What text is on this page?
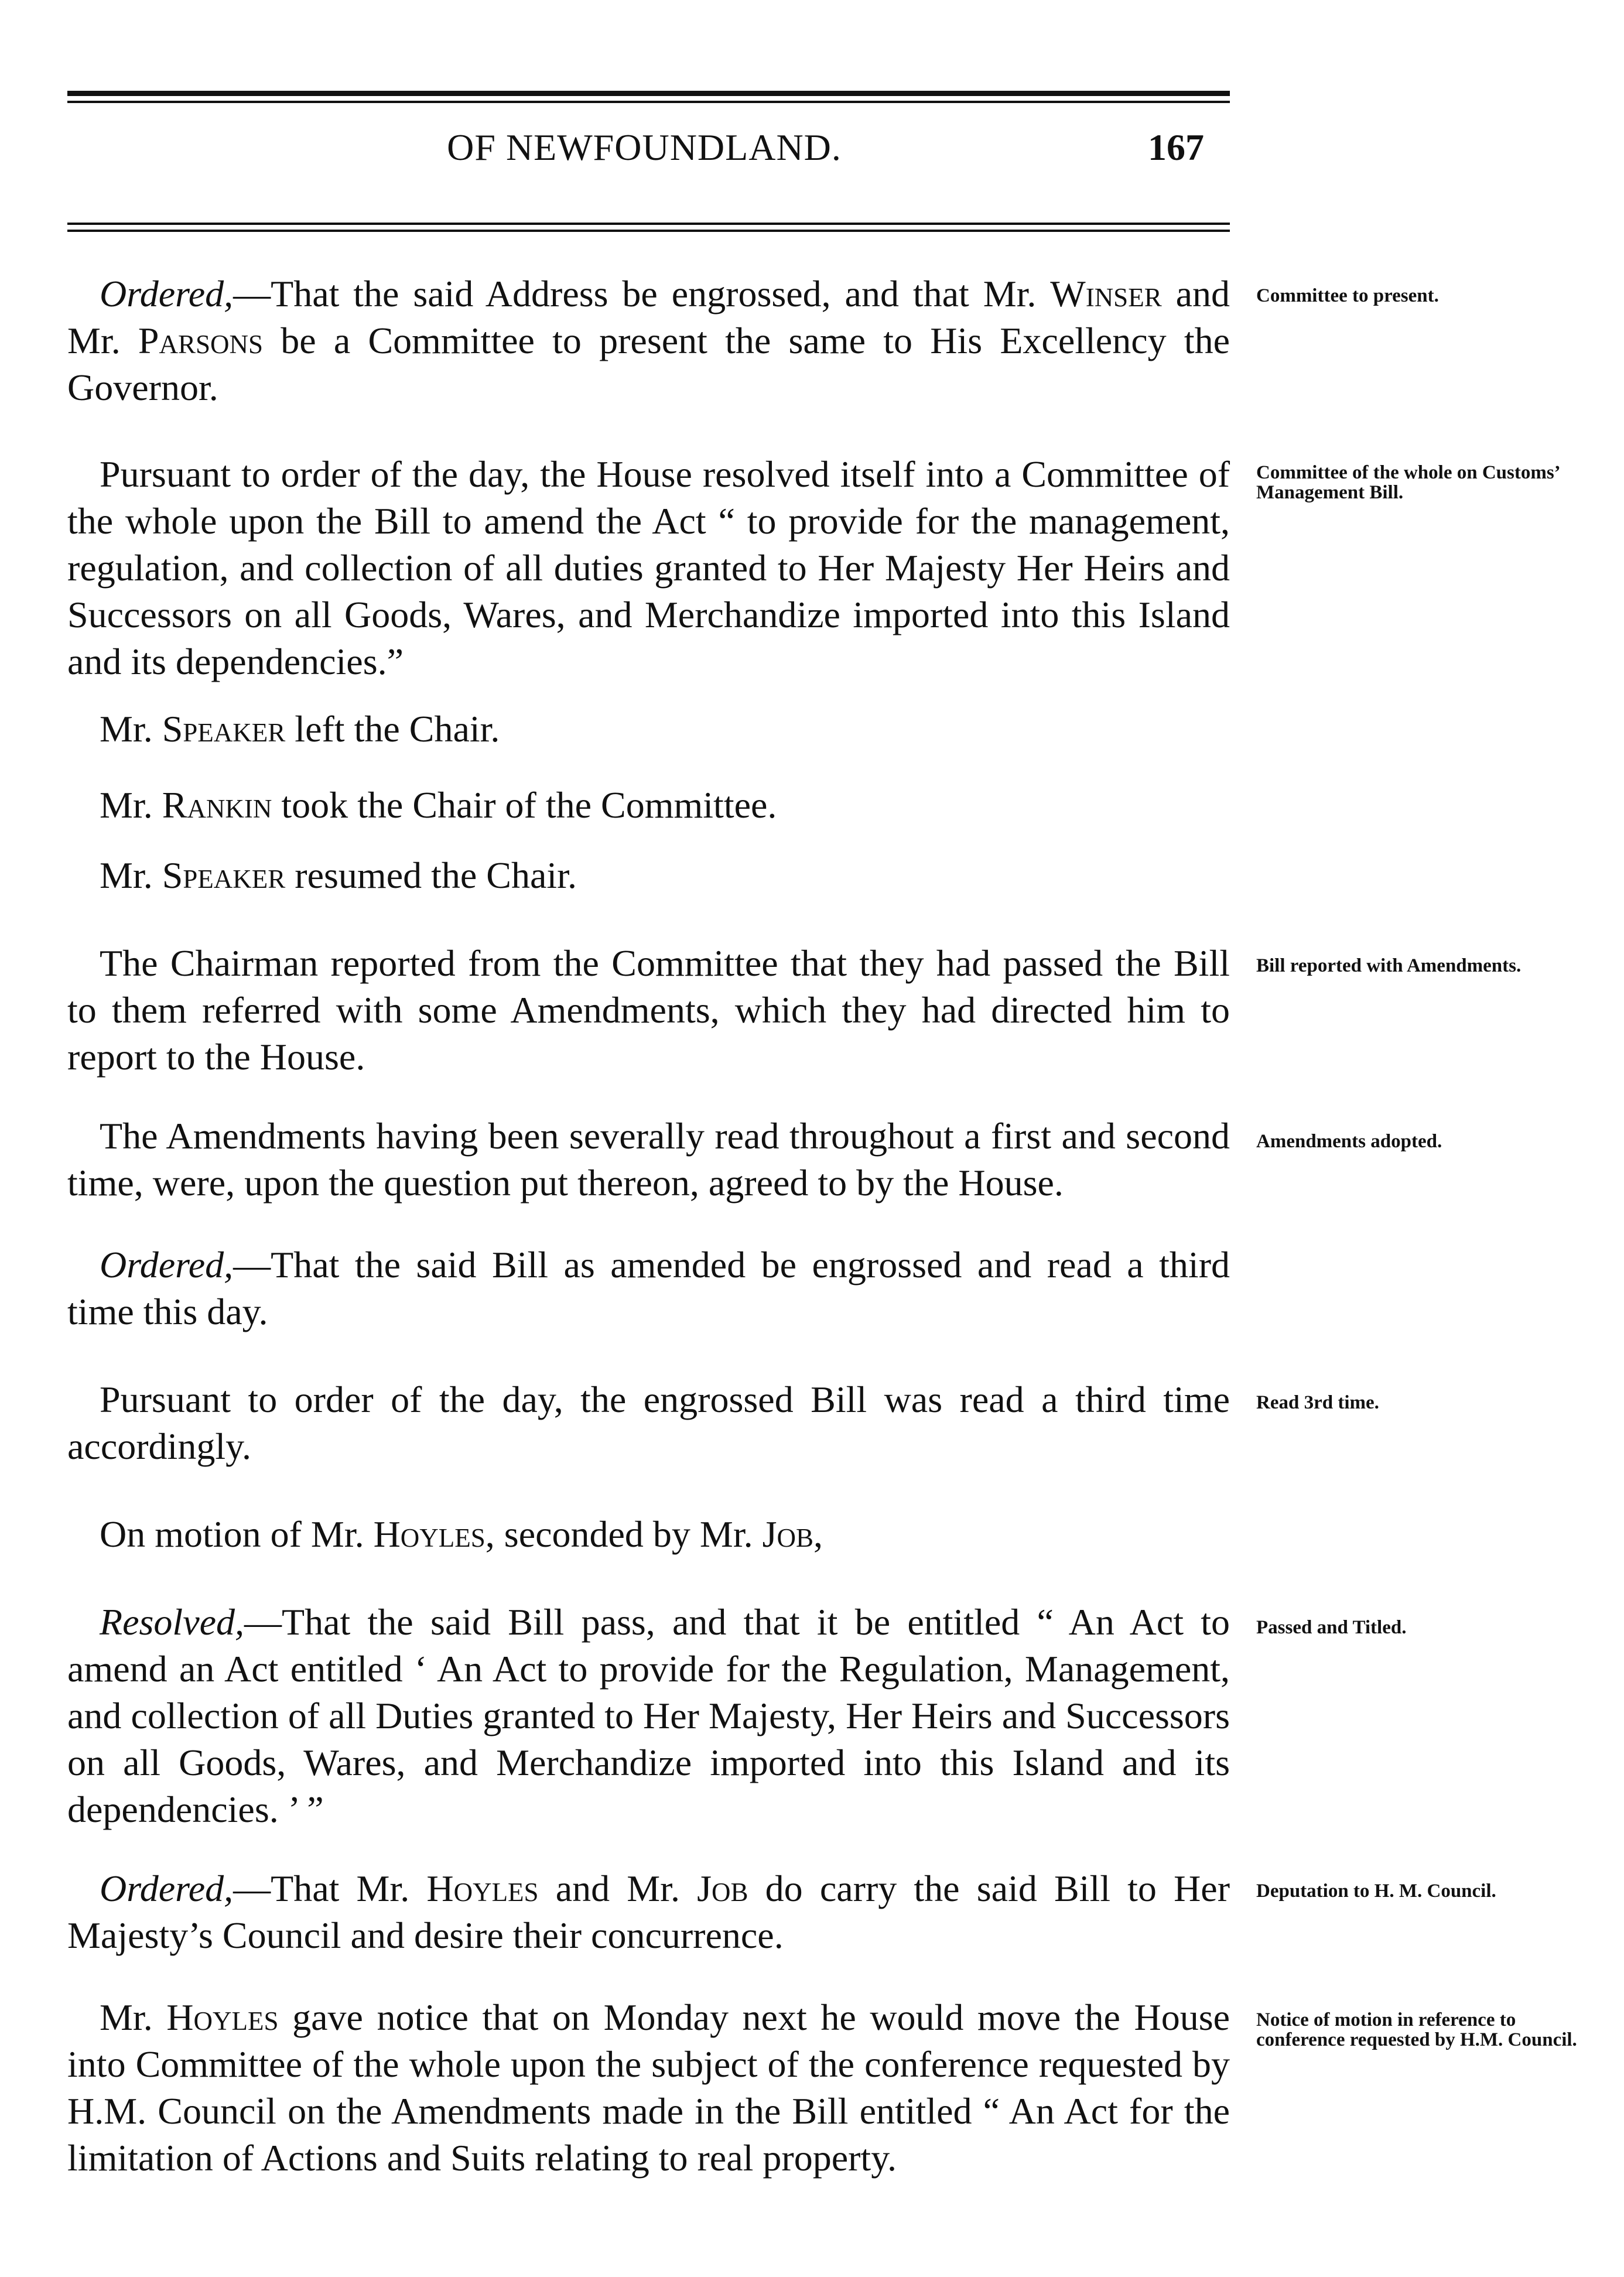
OF NEWFOUNDLAND.	167

Ordered,—That the said Address be engrossed, and that Mr. Winser and Mr. Parsons be a Committee to present the same to His Excellency the Governor.

Committee to present.

Pursuant to order of the day, the House resolved itself into a Committee of the whole upon the Bill to amend the Act “ to provide for the management, regulation, and collection of all duties granted to Her Majesty Her Heirs and Successors on all Goods, Wares, and Merchandize imported into this Island and its dependencies.”

Committee of the whole on Customs’ Management Bill.

Mr. Speaker left the Chair.

Mr. Rankin took the Chair of the Committee.

Mr. Speaker resumed the Chair.

The Chairman reported from the Committee that they had passed the Bill to them referred with some Amendments, which they had directed him to report to the House.

Bill reported with Amendments.

The Amendments having been severally read throughout a first and second time, were, upon the question put thereon, agreed to by the House.

Amendments adopted.

Ordered,—That the said Bill as amended be engrossed and read a third time this day.

Pursuant to order of the day, the engrossed Bill was read a third time accordingly.

Read 3rd time.

On motion of Mr. Hoyles, seconded by Mr. Job,

Resolved,—That the said Bill pass, and that it be entitled “ An Act to amend an Act entitled ‘ An Act to provide for the Regulation, Management, and collection of all Duties granted to Her Majesty, Her Heirs and Successors on all Goods, Wares, and Merchandize imported into this Island and its dependencies. ’ ”

Passed and Titled.

Ordered,—That Mr. Hoyles and Mr. Job do carry the said Bill to Her Majesty’s Council and desire their concurrence.

Deputation to H. M. Council.

Mr. Hoyles gave notice that on Monday next he would move the House into Committee of the whole upon the subject of the conference requested by H.M. Council on the Amendments made in the Bill entitled “ An Act for the limitation of Actions and Suits relating to real property.

Notice of motion in reference to conference requested by H.M. Council.
